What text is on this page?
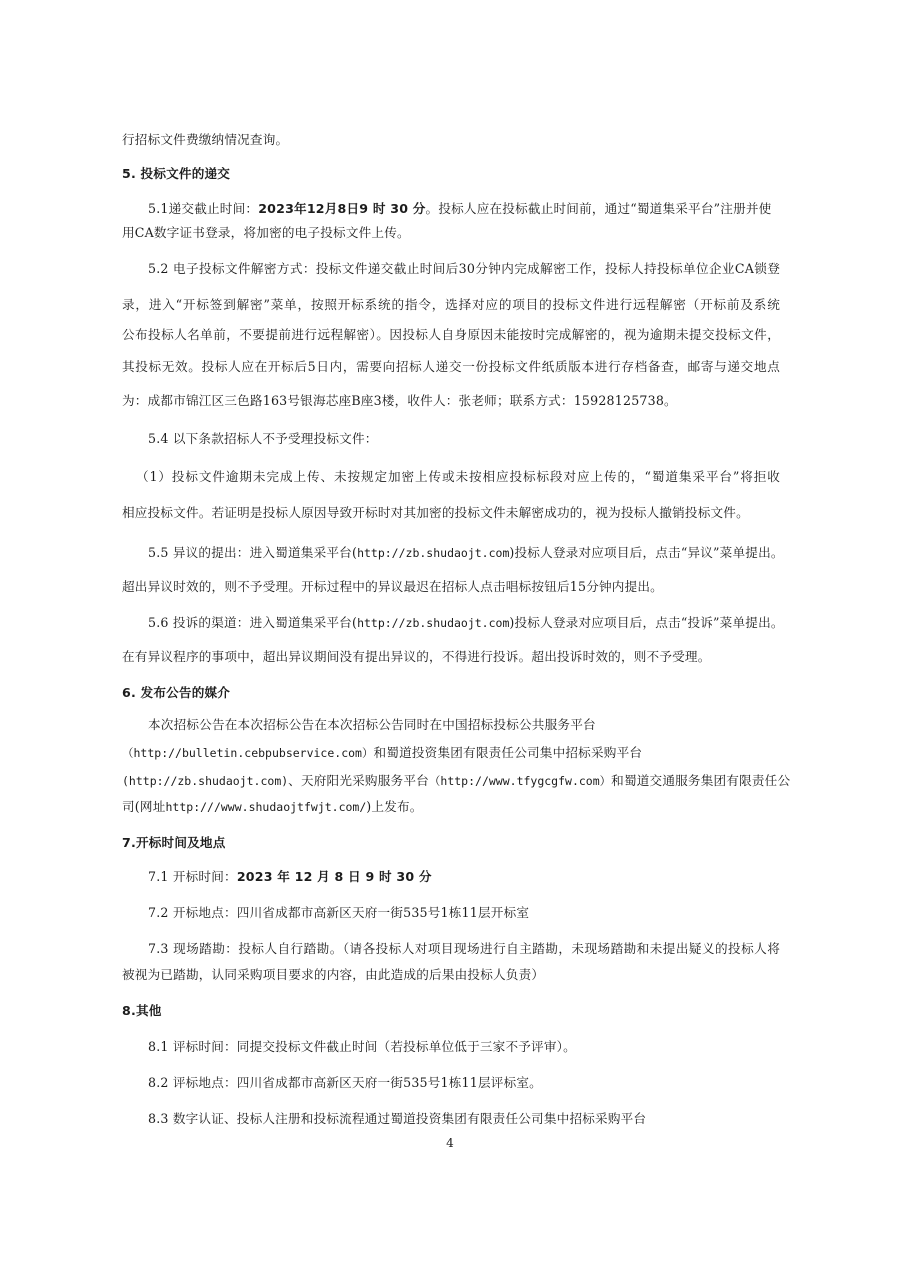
行招标文件费缴纳情况查询。

5. 投标文件的递交

5.1递交截止时间：2023年12月8日9 时 30 分。投标人应在投标截止时间前，通过“蜀道集采平台”注册并使

用CA数字证书登录，将加密的电子投标文件上传。

5.2 电子投标文件解密方式：投标文件递交截止时间后30分钟内完成解密工作，投标人持投标单位企业CA锁登

录，进入“开标签到解密”菜单，按照开标系统的指令，选择对应的项目的投标文件进行远程解密（开标前及系统

公布投标人名单前，不要提前进行远程解密）。因投标人自身原因未能按时完成解密的，视为逾期未提交投标文件，

其投标无效。投标人应在开标后5日内，需要向招标人递交一份投标文件纸质版本进行存档备查，邮寄与递交地点

为：成都市锦江区三色路163号银海芯座B座3楼，收件人：张老师；联系方式：15928125738。

5.4 以下条款招标人不予受理投标文件：

（1）投标文件逾期未完成上传、未按规定加密上传或未按相应投标标段对应上传的，“蜀道集采平台”将拒收

相应投标文件。若证明是投标人原因导致开标时对其加密的投标文件未解密成功的，视为投标人撤销投标文件。

5.5 异议的提出：进入蜀道集采平台(http://zb.shudaojt.com)投标人登录对应项目后，点击“异议”菜单提出。

超出异议时效的，则不予受理。开标过程中的异议最迟在招标人点击唱标按钮后15分钟内提出。

5.6 投诉的渠道：进入蜀道集采平台(http://zb.shudaojt.com)投标人登录对应项目后，点击“投诉”菜单提出。

在有异议程序的事项中，超出异议期间没有提出异议的，不得进行投诉。超出投诉时效的，则不予受理。

6. 发布公告的媒介

本次招标公告在本次招标公告在本次招标公告同时在中国招标投标公共服务平台

（http://bulletin.cebpubservice.com）和蜀道投资集团有限责任公司集中招标采购平台

(http://zb.shudaojt.com)、天府阳光采购服务平台（http://www.tfygcgfw.com）和蜀道交通服务集团有限责任公

司(网址http:///www.shudaojtfwjt.com/)上发布。

7.开标时间及地点

7.1 开标时间：2023 年 12 月 8 日 9 时 30 分

7.2 开标地点：四川省成都市高新区天府一街535号1栋11层开标室

7.3 现场踏勘：投标人自行踏勘。（请各投标人对项目现场进行自主踏勘，未现场踏勘和未提出疑义的投标人将

被视为已踏勘，认同采购项目要求的内容，由此造成的后果由投标人负责）

8.其他

8.1 评标时间：同提交投标文件截止时间（若投标单位低于三家不予评审）。

8.2 评标地点：四川省成都市高新区天府一街535号1栋11层评标室。

8.3 数字认证、投标人注册和投标流程通过蜀道投资集团有限责任公司集中招标采购平台

4
